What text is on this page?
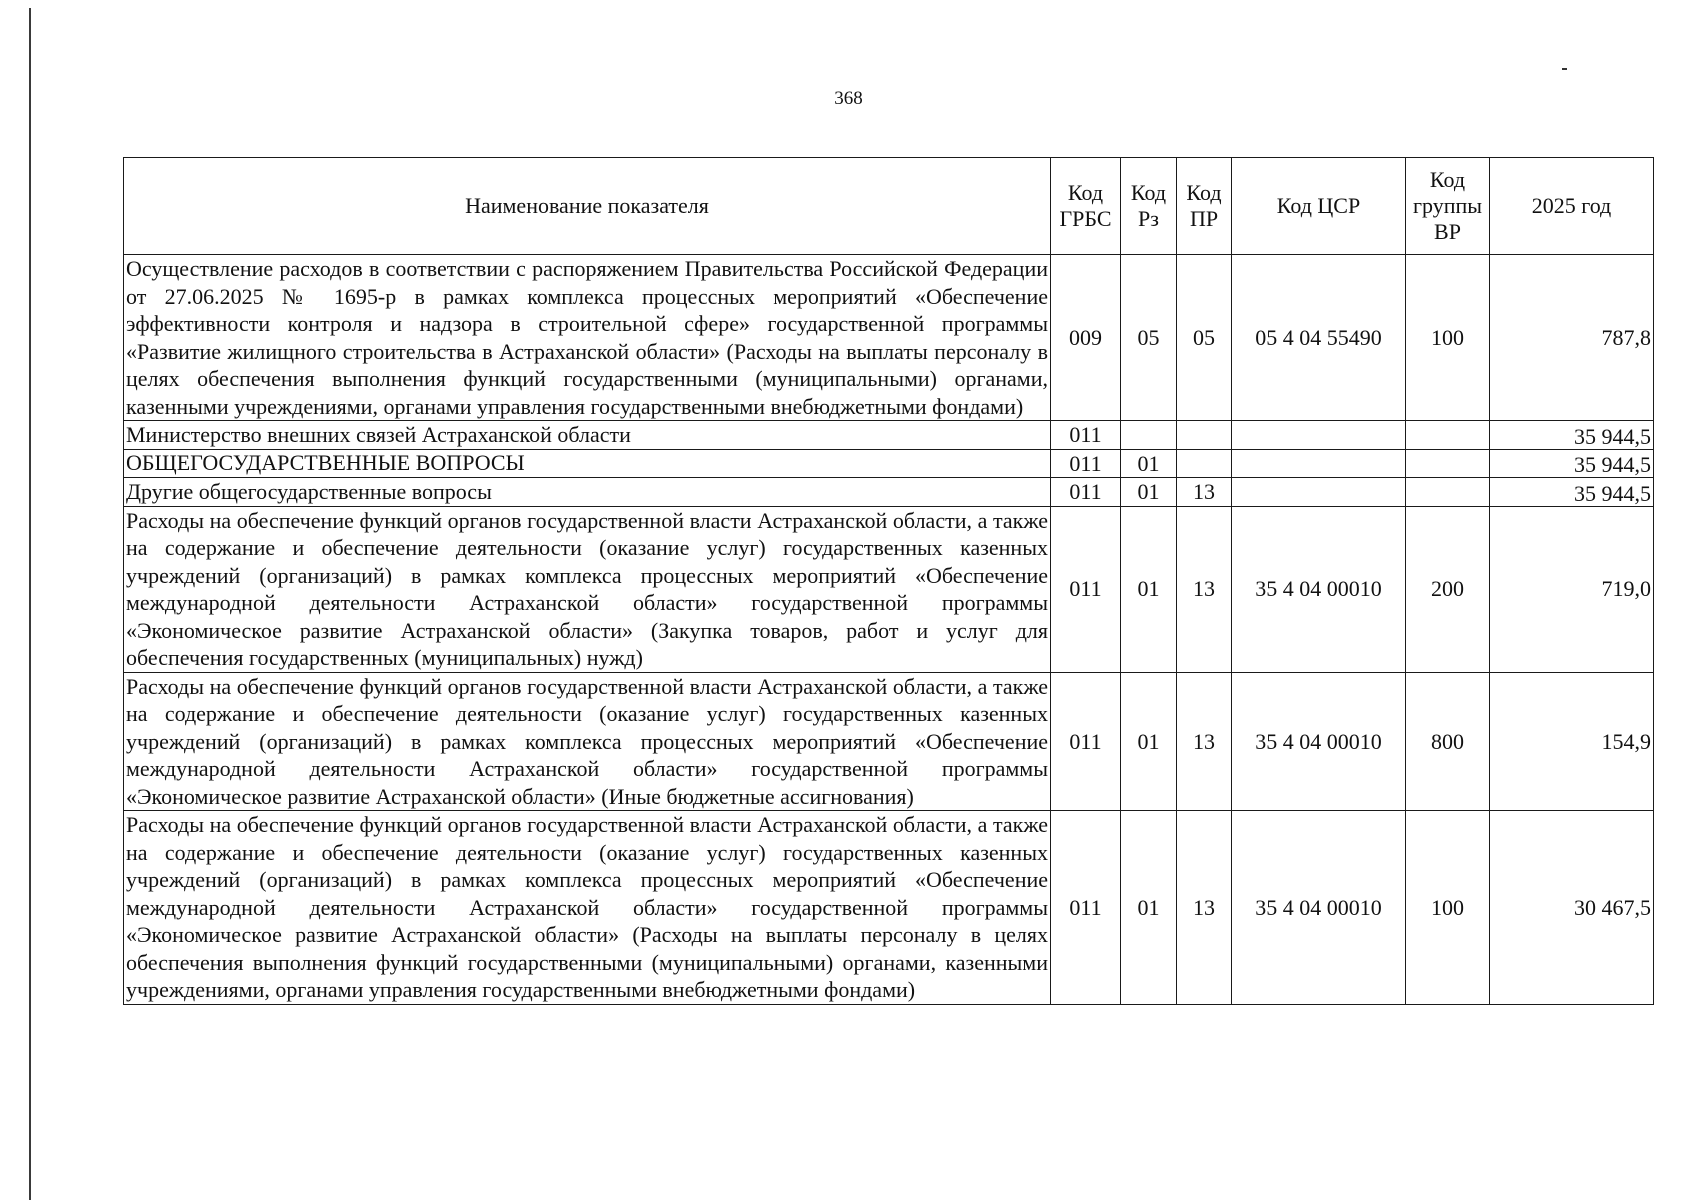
368
Наименование показателя	Код ГРБС	Код Рз	Код ПР	Код ЦСР	Код группы ВР	2025 год
Осуществление расходов в соответствии с распоряжением Правительства Российской Федерации от 27.06.2025 № 1695-р в рамках комплекса процессных мероприятий «Обеспечение эффективности контроля и надзора в строительной сфере» государственной программы «Развитие жилищного строительства в Астраханской области» (Расходы на выплаты персоналу в целях обеспечения выполнения функций государственными (муниципальными) органами, казенными учреждениями, органами управления государственными внебюджетными фондами)	009	05	05	05 4 04 55490	100	787,8
Министерство внешних связей Астраханской области	011					35 944,5
ОБЩЕГОСУДАРСТВЕННЫЕ ВОПРОСЫ	011	01				35 944,5
Другие общегосударственные вопросы	011	01	13			35 944,5
Расходы на обеспечение функций органов государственной власти Астраханской области, а также на содержание и обеспечение деятельности (оказание услуг) государственных казенных учреждений (организаций) в рамках комплекса процессных мероприятий «Обеспечение международной деятельности Астраханской области» государственной программы «Экономическое развитие Астраханской области» (Закупка товаров, работ и услуг для обеспечения государственных (муниципальных) нужд)	011	01	13	35 4 04 00010	200	719,0
Расходы на обеспечение функций органов государственной власти Астраханской области, а также на содержание и обеспечение деятельности (оказание услуг) государственных казенных учреждений (организаций) в рамках комплекса процессных мероприятий «Обеспечение международной деятельности Астраханской области» государственной программы «Экономическое развитие Астраханской области» (Иные бюджетные ассигнования)	011	01	13	35 4 04 00010	800	154,9
Расходы на обеспечение функций органов государственной власти Астраханской области, а также на содержание и обеспечение деятельности (оказание услуг) государственных казенных учреждений (организаций) в рамках комплекса процессных мероприятий «Обеспечение международной деятельности Астраханской области» государственной программы «Экономическое развитие Астраханской области» (Расходы на выплаты персоналу в целях обеспечения выполнения функций государственными (муниципальными) органами, казенными учреждениями, органами управления государственными внебюджетными фондами)	011	01	13	35 4 04 00010	100	30 467,5
